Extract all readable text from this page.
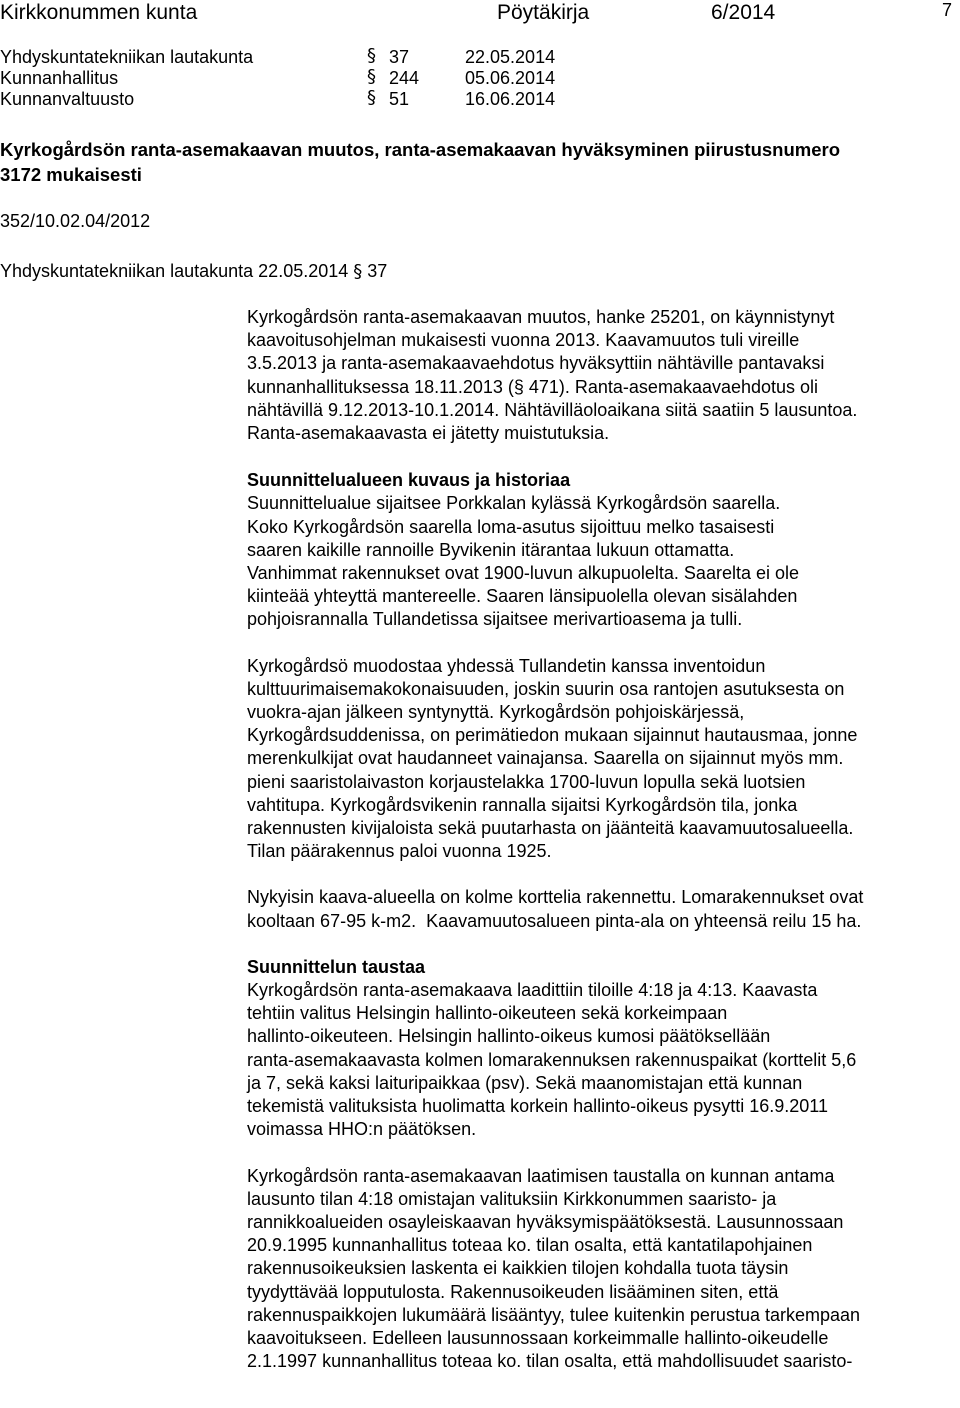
Kirkkonummen kunta	Pöytäkirja	6/2014	7
Yhdyskuntatekniikan lautakunta	§ 37	22.05.2014
Kunnanhallitus	§ 244	05.06.2014
Kunnanvaltuusto	§ 51	16.06.2014
Kyrkogårdsön ranta-asemakaavan muutos, ranta-asemakaavan hyväksyminen piirustusnumero
3172 mukaisesti
352/10.02.04/2012
Yhdyskuntatekniikan lautakunta 22.05.2014 § 37

Kyrkogårdsön ranta-asemakaavan muutos, hanke 25201, on käynnistynyt

kaavoitusohjelman mukaisesti vuonna 2013. Kaavamuutos tuli vireille

3.5.2013 ja ranta-asemakaavaehdotus hyväksyttiin nähtäville pantavaksi

kunnanhallituksessa 18.11.2013 (§ 471). Ranta-asemakaavaehdotus oli

nähtävillä 9.12.2013-10.1.2014. Nähtävilläoloaikana siitä saatiin 5 lausuntoa.

Ranta-asemakaavasta ei jätetty muistutuksia.

Suunnittelualueen kuvaus ja historiaa

Suunnittelualue sijaitsee Porkkalan kylässä Kyrkogårdsön saarella.

Koko Kyrkogårdsön saarella loma-asutus sijoittuu melko tasaisesti

saaren kaikille rannoille Byvikenin itärantaa lukuun ottamatta.

Vanhimmat rakennukset ovat 1900-luvun alkupuolelta. Saarelta ei ole

kiinteää yhteyttä mantereelle. Saaren länsipuolella olevan sisälahden

pohjoisrannalla Tullandetissa sijaitsee merivartioasema ja tulli.

Kyrkogårdsö muodostaa yhdessä Tullandetin kanssa inventoidun

kulttuurimaisemakokonaisuuden, joskin suurin osa rantojen asutuksesta on

vuokra-ajan jälkeen syntynyttä. Kyrkogårdsön pohjoiskärjessä,

Kyrkogårdsuddenissa, on perimätiedon mukaan sijainnut hautausmaa, jonne

merenkulkijat ovat haudanneet vainajansa. Saarella on sijainnut myös mm.

pieni saaristolaivaston korjaustelakka 1700-luvun lopulla sekä luotsien

vahtitupa. Kyrkogårdsvikenin rannalla sijaitsi Kyrkogårdsön tila, jonka

rakennusten kivijaloista sekä puutarhasta on jäänteitä kaavamuutosalueella.

Tilan päärakennus paloi vuonna 1925.

Nykyisin kaava-alueella on kolme korttelia rakennettu. Lomarakennukset ovat

kooltaan 67-95 k-m2.  Kaavamuutosalueen pinta-ala on yhteensä reilu 15 ha.

Suunnittelun taustaa

Kyrkogårdsön ranta-asemakaava laadittiin tiloille 4:18 ja 4:13. Kaavasta

tehtiin valitus Helsingin hallinto-oikeuteen sekä korkeimpaan

hallinto-oikeuteen. Helsingin hallinto-oikeus kumosi päätöksellään

ranta-asemakaavasta kolmen lomarakennuksen rakennuspaikat (korttelit 5,6

ja 7, sekä kaksi laituripaikkaa (psv). Sekä maanomistajan että kunnan

tekemistä valituksista huolimatta korkein hallinto-oikeus pysytti 16.9.2011

voimassa HHO:n päätöksen.

Kyrkogårdsön ranta-asemakaavan laatimisen taustalla on kunnan antama

lausunto tilan 4:18 omistajan valituksiin Kirkkonummen saaristo- ja

rannikkoalueiden osayleiskaavan hyväksymispäätöksestä. Lausunnossaan

20.9.1995 kunnanhallitus toteaa ko. tilan osalta, että kantatilapohjainen

rakennusoikeuksien laskenta ei kaikkien tilojen kohdalla tuota täysin

tyydyttävää lopputulosta. Rakennusoikeuden lisääminen siten, että

rakennuspaikkojen lukumäärä lisääntyy, tulee kuitenkin perustua tarkempaan

kaavoitukseen. Edelleen lausunnossaan korkeimmalle hallinto-oikeudelle

2.1.1997 kunnanhallitus toteaa ko. tilan osalta, että mahdollisuudet saaristo-
